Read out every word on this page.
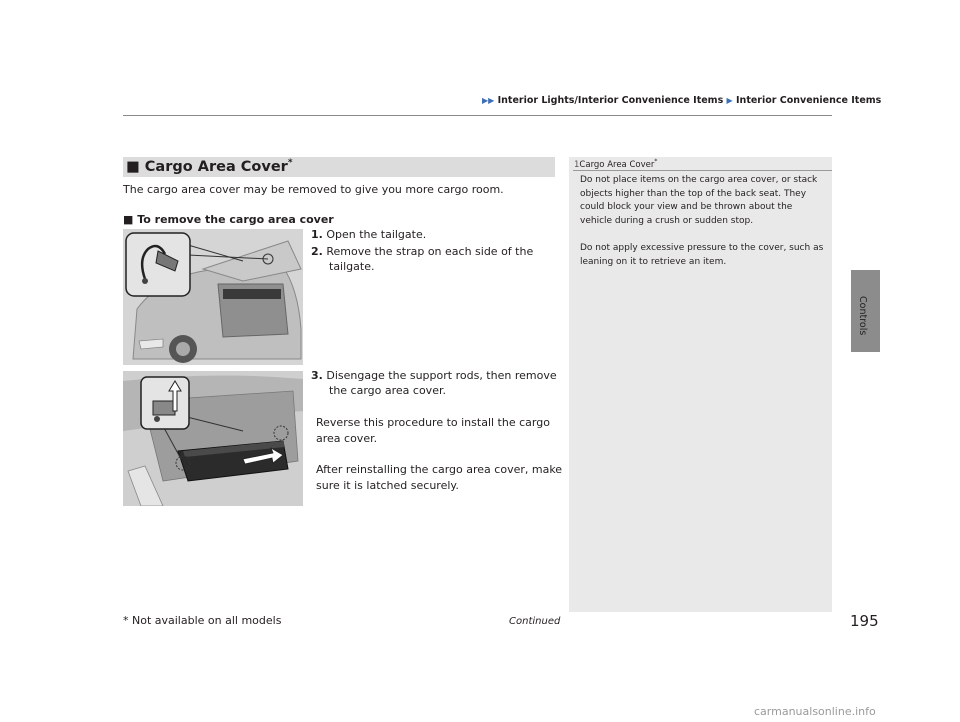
▶▶ Interior Lights/Interior Convenience Items ▶ Interior Convenience Items
Controls
■ Cargo Area Cover*
The cargo area cover may be removed to give you more cargo room.
■ To remove the cargo area cover
1. Open the tailgate.
2. Remove the strap on each side of the
tailgate.
3. Disengage the support rods, then remove
the cargo area cover.
Reverse this procedure to install the cargo
area cover.
After reinstalling the cargo area cover, make
sure it is latched securely.
1Cargo Area Cover*
Do not place items on the cargo area cover, or stack
objects higher than the top of the back seat. They
could block your view and be thrown about the
vehicle during a crush or sudden stop.
Do not apply excessive pressure to the cover, such as
leaning on it to retrieve an item.
Continued	195
* Not available on all models
carmanualsonline.info
